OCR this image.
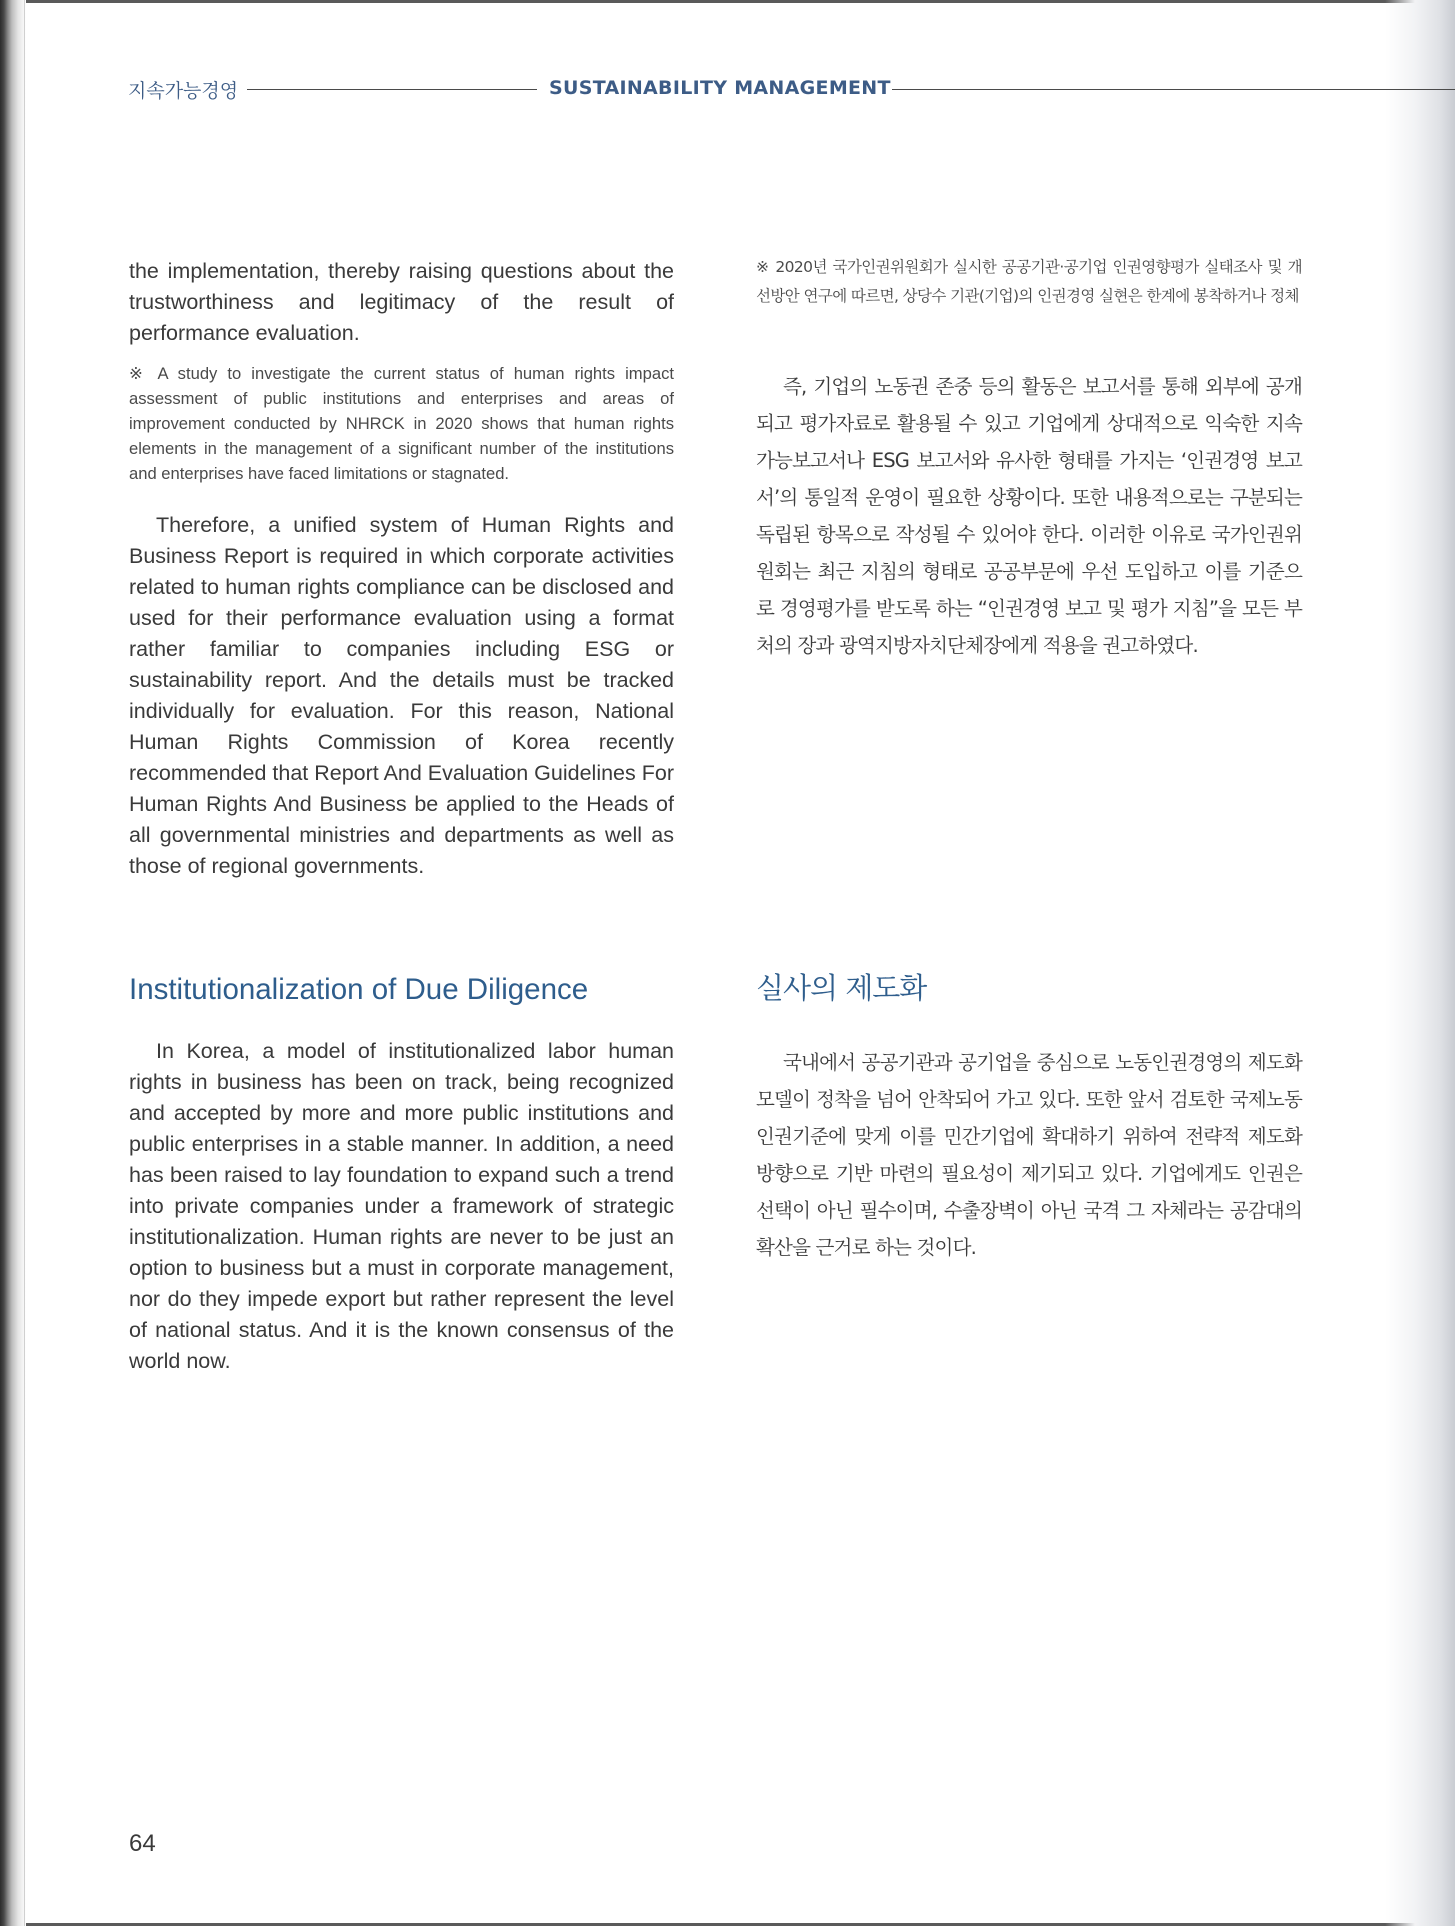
지속가능경영	SUSTAINABILITY MANAGEMENT

the implementation, thereby raising questions about the trustworthiness and legitimacy of the result of performance evaluation.

※ A study to investigate the current status of human rights impact assessment of public institutions and enterprises and areas of improvement conducted by NHRCK in 2020 shows that human rights elements in the management of a significant number of the institutions and enterprises have faced limitations or stagnated.

Therefore, a unified system of Human Rights and Business Report is required in which corporate activities related to human rights compliance can be disclosed and used for their performance evaluation using a format rather familiar to companies including ESG or sustainability report. And the details must be tracked individually for evaluation. For this reason, National Human Rights Commission of Korea recently recommended that Report And Evaluation Guidelines For Human Rights And Business be applied to the Heads of all governmental ministries and departments as well as those of regional governments.

※ 2020년 국가인권위원회가 실시한 공공기관·공기업 인권영향평가 실태조사 및 개선방안 연구에 따르면, 상당수 기관(기업)의 인권경영 실현은 한계에 봉착하거나 정체

즉, 기업의 노동권 존중 등의 활동은 보고서를 통해 외부에 공개되고 평가자료로 활용될 수 있고 기업에게 상대적으로 익숙한 지속가능보고서나 ESG 보고서와 유사한 형태를 가지는 ‘인권경영 보고서’의 통일적 운영이 필요한 상황이다. 또한 내용적으로는 구분되는 독립된 항목으로 작성될 수 있어야 한다. 이러한 이유로 국가인권위원회는 최근 지침의 형태로 공공부문에 우선 도입하고 이를 기준으로 경영평가를 받도록 하는 “인권경영 보고 및 평가 지침”을 모든 부처의 장과 광역지방자치단체장에게 적용을 권고하였다.

Institutionalization of Due Diligence	실사의 제도화

In Korea, a model of institutionalized labor human rights in business has been on track, being recognized and accepted by more and more public institutions and public enterprises in a stable manner. In addition, a need has been raised to lay foundation to expand such a trend into private companies under a framework of strategic institutionalization. Human rights are never to be just an option to business but a must in corporate management, nor do they impede export but rather represent the level of national status. And it is the known consensus of the world now.

국내에서 공공기관과 공기업을 중심으로 노동인권경영의 제도화 모델이 정착을 넘어 안착되어 가고 있다. 또한 앞서 검토한 국제노동인권기준에 맞게 이를 민간기업에 확대하기 위하여 전략적 제도화 방향으로 기반 마련의 필요성이 제기되고 있다. 기업에게도 인권은 선택이 아닌 필수이며, 수출장벽이 아닌 국격 그 자체라는 공감대의 확산을 근거로 하는 것이다.

64
